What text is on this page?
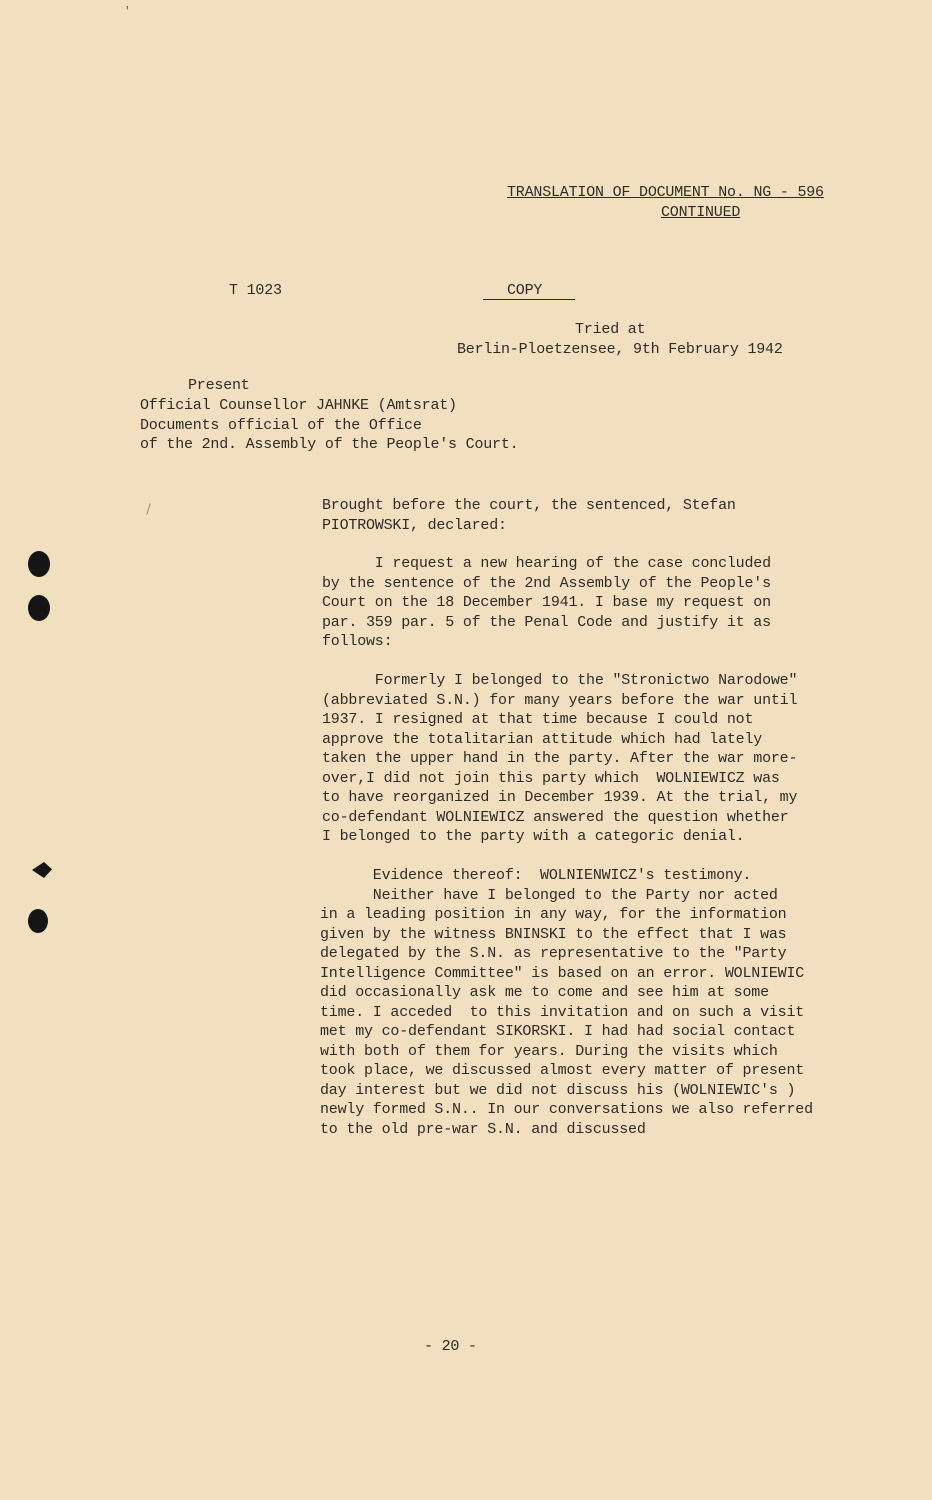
'
TRANSLATION OF DOCUMENT No. NG - 596
CONTINUED
T 1023	COPY
Tried at
Berlin-Ploetzensee, 9th February 1942
Present
Official Counsellor JAHNKE (Amtsrat)
Documents official of the Office
of the 2nd. Assembly of the People's Court.
Brought before the court, the sentenced, Stefan
PIOTROWSKI, declared:
I request a new hearing of the case concluded
by the sentence of the 2nd Assembly of the People's
Court on the 18 December 1941. I base my request on
par. 359 par. 5 of the Penal Code and justify it as
follows:
Formerly I belonged to the "Stronictwo Narodowe"
(abbreviated S.N.) for many years before the war until
1937. I resigned at that time because I could not
approve the totalitarian attitude which had lately
taken the upper hand in the party. After the war more-
over,I did not join this party which  WOLNIEWICZ was
to have reorganized in December 1939. At the trial, my
co-defendant WOLNIEWICZ answered the question whether
I belonged to the party with a categoric denial.
Evidence thereof:  WOLNIENWICZ's testimony.
Neither have I belonged to the Party nor acted
in a leading position in any way, for the information
given by the witness BNINSKI to the effect that I was
delegated by the S.N. as representative to the "Party
Intelligence Committee" is based on an error. WOLNIEWIC
did occasionally ask me to come and see him at some
time. I acceded  to this invitation and on such a visit
met my co-defendant SIKORSKI. I had had social contact
with both of them for years. During the visits which
took place, we discussed almost every matter of present
day interest but we did not discuss his (WOLNIEWIC's )
newly formed S.N.. In our conversations we also referred
to the old pre-war S.N. and discussed
- 20 -
